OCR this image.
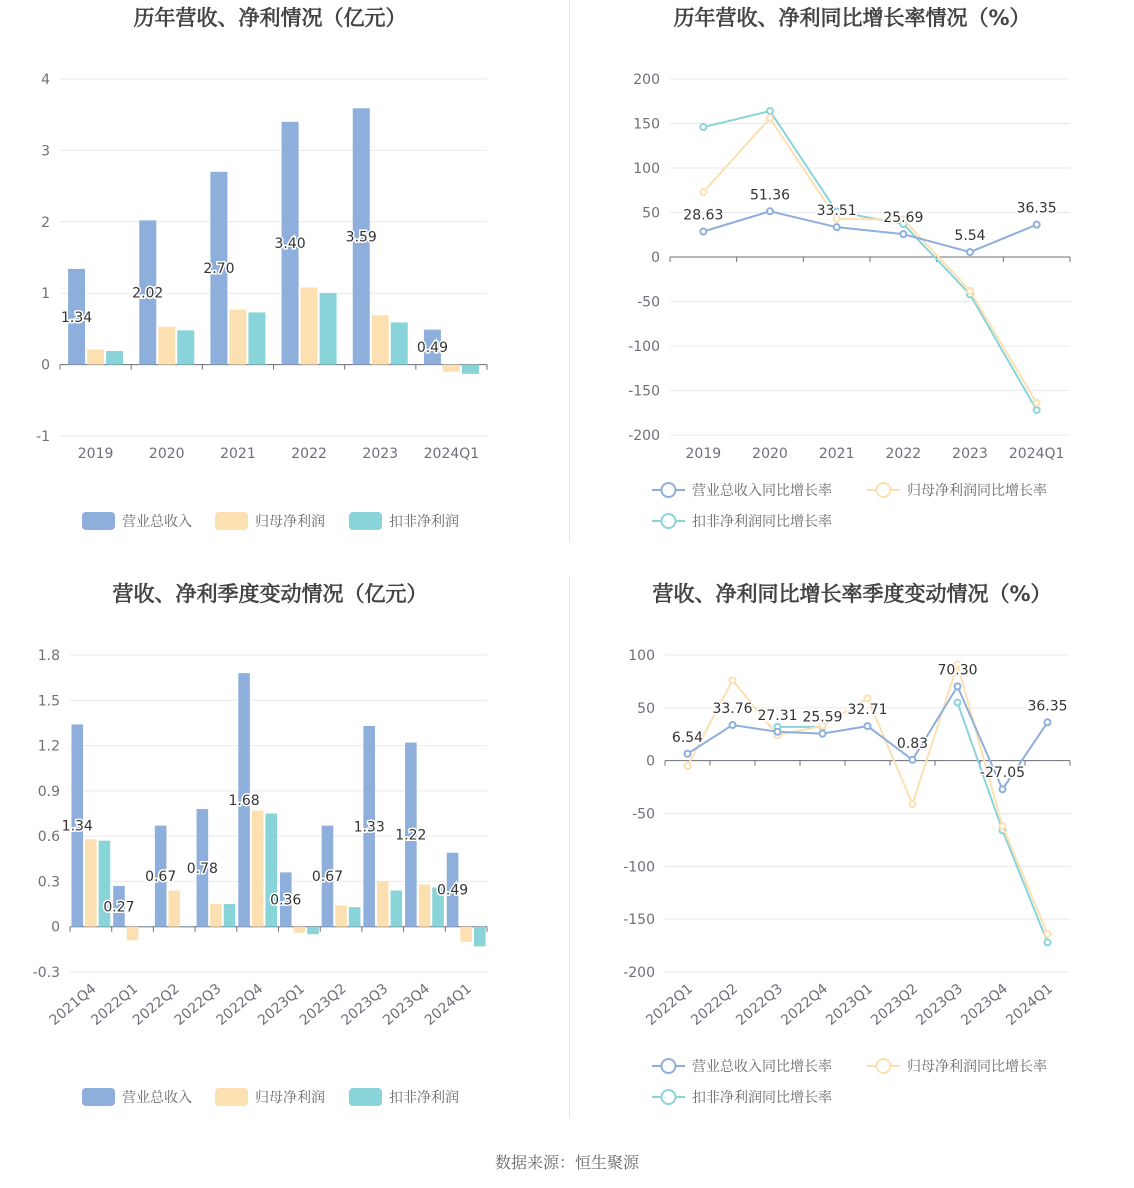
历年营收、净利情况（亿元）
4
3
2
1
0
-1
2019	2020	2021	2022	2023 2024Q1
1.34
2.02
2.70
3.40	3.59
0.49
营业总收入	归母净利润	扣非净利润
历年营收、净利同比增长率情况（%）
200
150
100
50
0
-50
-100
-150
-200
2019 2020 2021 2022 2023 2024Q1
28.63
51.36
33.51 25.69
5.54
36.35
营业总收入同比增长率	归母净利润同比增长率
扣非净利润同比增长率
营收、净利季度变动情况（亿元）
1.8
1.5
1.2
0.9
0.6
0.3
0
-0.3
2021Q4
2022Q1
2022Q2
2022Q3
2022Q4
2023Q1
2023Q2
2023Q3
2023Q4
2024Q1
1.34
0.27
0.67
0.78
1.68
0.36
0.67
1.33
1.22
0.49
营业总收入	归母净利润	扣非净利润
营收、净利同比增长率季度变动情况（%）
100
50
0
-50
-100
-150
-200
2022Q1
2022Q2
2022Q3
2022Q4
2023Q1
2023Q2
2023Q3
2023Q4
2024Q1
6.54
33.76 27.31 25.59 32.71
0.83
70.30
-27.05
36.35
营业总收入同比增长率	归母净利润同比增长率
扣非净利润同比增长率
数据来源：恒生聚源
